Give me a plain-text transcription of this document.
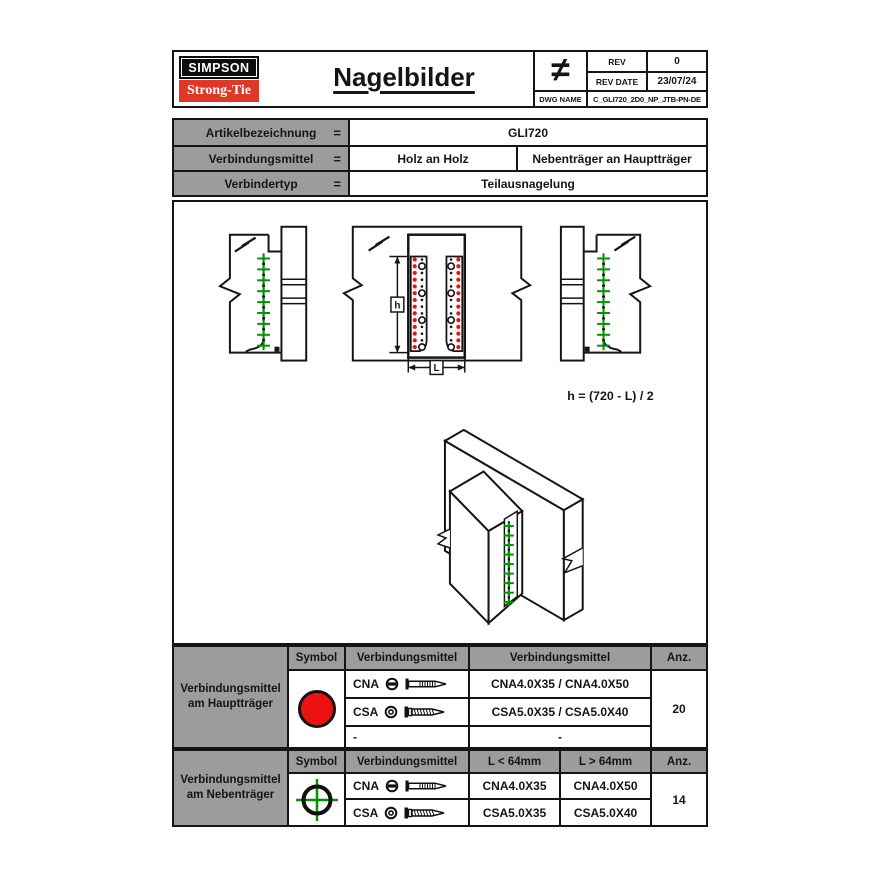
SIMPSON
Strong-Tie	Nagelbilder	≠	REV	0
REV DATE	23/07/24
DWG NAME	C_GLI720_2D0_NP_JTB-PN-DE
Artikelbezeichnung =	GLI720
Verbindungsmittel =	Holz an Holz	Nebenträger an Hauptträger
Verbindertyp	=	Teilausnagelung
h
L
h = (720 - L) / 2
Verbindungsmittel am Hauptträger
Symbol	Verbindungsmittel	Verbindungsmittel	Anz.
CNA	CNA4.0X35 / CNA4.0X50
CSA	CSA5.0X35 / CSA5.0X40
-	-
20
Verbindungsmittel am Nebenträger
Symbol	Verbindungsmittel	L < 64mm	L > 64mm	Anz.
CNA	CNA4.0X35	CNA4.0X50
CSA	CSA5.0X35	CSA5.0X40
14
